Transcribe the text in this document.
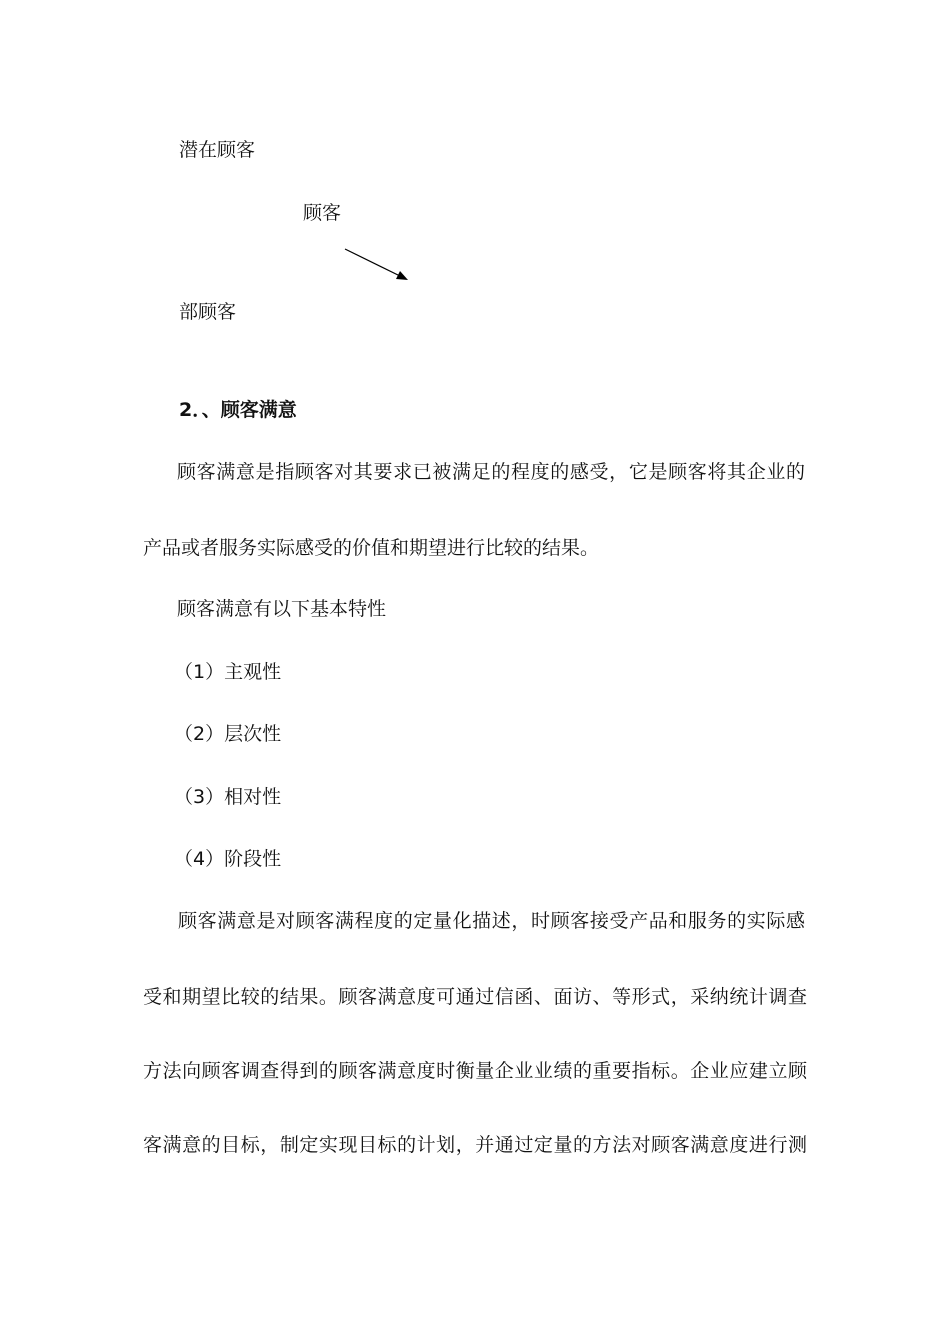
潜在顾客

顾客

部顾客

2．、顾客满意

顾客满意是指顾客对其要求已被满足的程度的感受，它是顾客将其企业的

产品或者服务实际感受的价值和期望进行比较的结果。

顾客满意有以下基本特性

（1）主观性

（2）层次性

（3）相对性

（4）阶段性

顾客满意是对顾客满程度的定量化描述，时顾客接受产品和服务的实际感

受和期望比较的结果。顾客满意度可通过信函、面访、等形式，采纳统计调查

方法向顾客调查得到的顾客满意度时衡量企业业绩的重要指标。企业应建立顾

客满意的目标，制定实现目标的计划，并通过定量的方法对顾客满意度进行测
